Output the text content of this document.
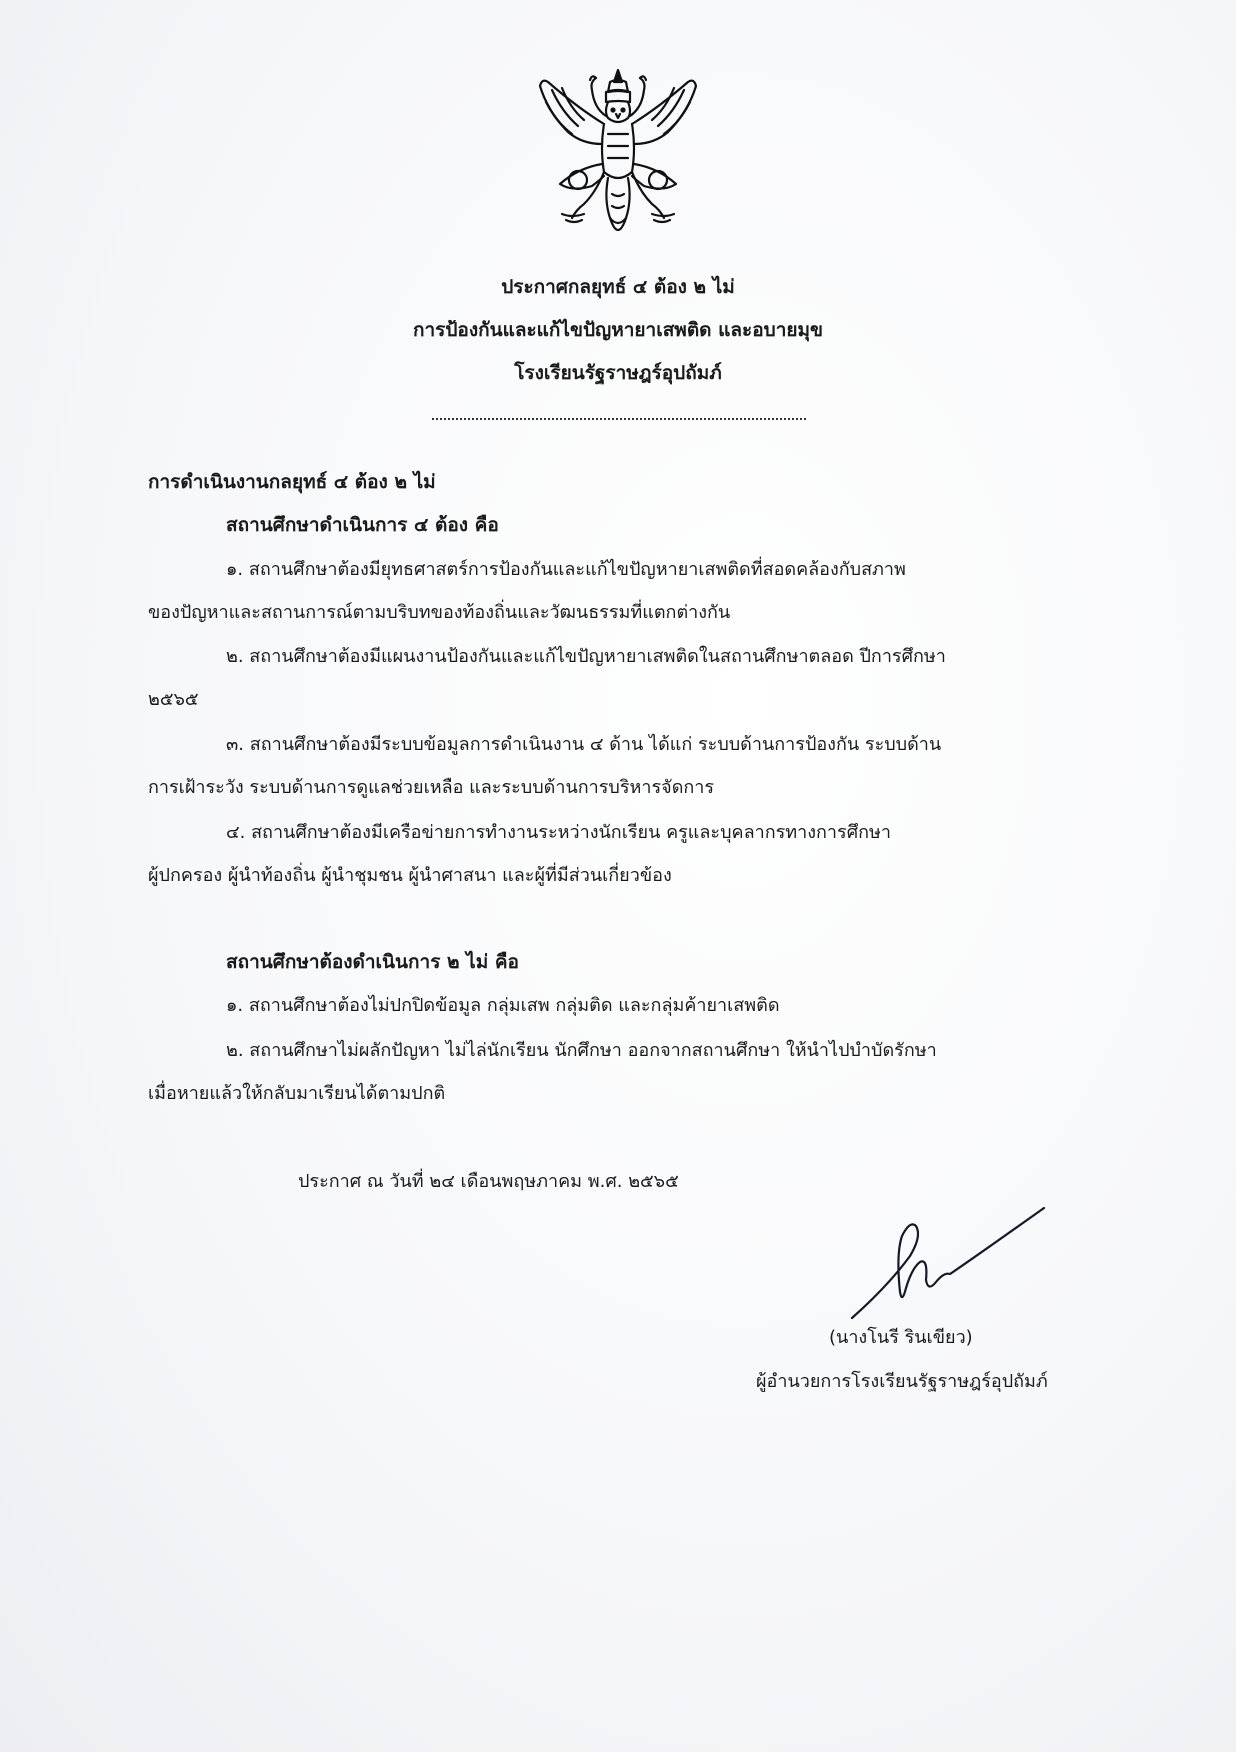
ประกาศกลยุทธ์ ๔ ต้อง ๒ ไม่
การป้องกันและแก้ไขปัญหายาเสพติด และอบายมุข
โรงเรียนรัฐราษฎร์อุปถัมภ์
การดำเนินงานกลยุทธ์ ๔ ต้อง ๒ ไม่
สถานศึกษาดำเนินการ ๔ ต้อง คือ
๑. สถานศึกษาต้องมียุทธศาสตร์การป้องกันและแก้ไขปัญหายาเสพติดที่สอดคล้องกับสภาพ
ของปัญหาและสถานการณ์ตามบริบทของท้องถิ่นและวัฒนธรรมที่แตกต่างกัน
๒. สถานศึกษาต้องมีแผนงานป้องกันและแก้ไขปัญหายาเสพติดในสถานศึกษาตลอด ปีการศึกษา
๒๕๖๕
๓. สถานศึกษาต้องมีระบบข้อมูลการดำเนินงาน ๔ ด้าน ได้แก่ ระบบด้านการป้องกัน ระบบด้าน
การเฝ้าระวัง ระบบด้านการดูแลช่วยเหลือ และระบบด้านการบริหารจัดการ
๔. สถานศึกษาต้องมีเครือข่ายการทำงานระหว่างนักเรียน ครูและบุคลากรทางการศึกษา
ผู้ปกครอง ผู้นำท้องถิ่น ผู้นำชุมชน ผู้นำศาสนา และผู้ที่มีส่วนเกี่ยวข้อง
สถานศึกษาต้องดำเนินการ ๒ ไม่ คือ
๑. สถานศึกษาต้องไม่ปกปิดข้อมูล กลุ่มเสพ กลุ่มติด และกลุ่มค้ายาเสพติด
๒. สถานศึกษาไม่ผลักปัญหา ไม่ไล่นักเรียน นักศึกษา ออกจากสถานศึกษา ให้นำไปบำบัดรักษา
เมื่อหายแล้วให้กลับมาเรียนได้ตามปกติ
ประกาศ ณ วันที่ ๒๔ เดือนพฤษภาคม พ.ศ. ๒๕๖๕
(นางโนรี รินเขียว)
ผู้อำนวยการโรงเรียนรัฐราษฎร์อุปถัมภ์
